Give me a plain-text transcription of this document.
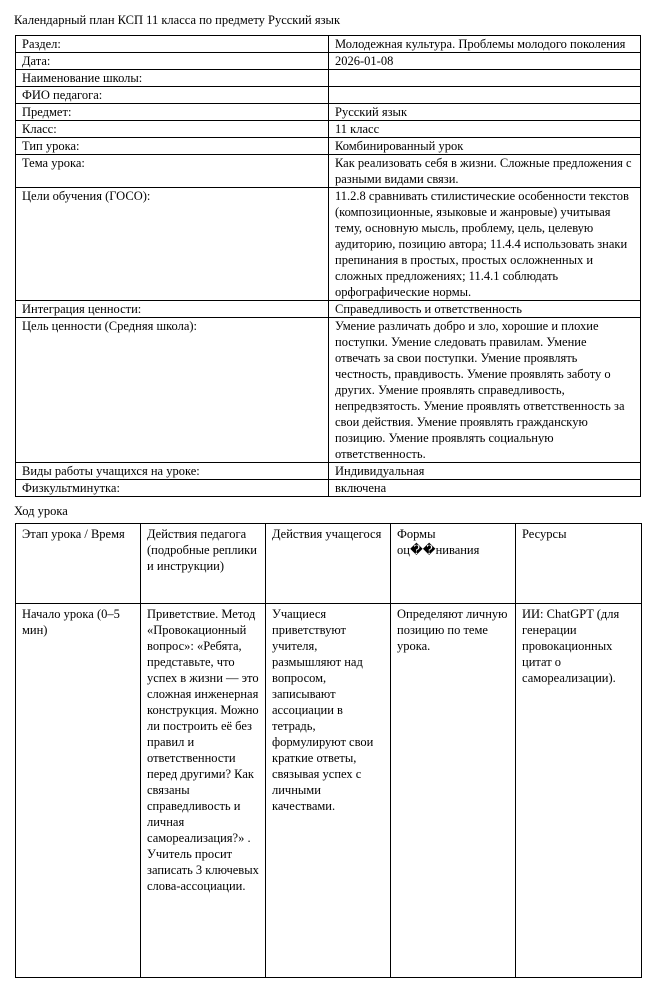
Календарный план КСП 11 класса по предмету Русский язык
Раздел:	Молодежная культура. Проблемы молодого поколения
Дата:	2026-01-08
Наименование школы:	
ФИО педагога:	
Предмет:	Русский язык
Класс:	11 класс
Тип урока:	Комбинированный урок
Тема урока:	Как реализовать себя в жизни. Сложные предложения с разными видами связи.
Цели обучения (ГОСО):	11.2.8 сравнивать стилистические особенности текстов (композиционные, языковые и жанровые) учитывая тему, основную мысль, проблему, цель, целевую аудиторию, позицию автора; 11.4.4 использовать знаки препинания в простых, простых осложненных и сложных предложениях; 11.4.1 соблюдать орфографические нормы.
Интеграция ценности:	Справедливость и ответственность
Цель ценности (Средняя школа):	Умение различать добро и зло, хорошие и плохие поступки. Умение следовать правилам. Умение отвечать за свои поступки. Умение проявлять честность, правдивость. Умение проявлять заботу о других. Умение проявлять справедливость, непредвзятость. Умение проявлять ответственность за свои действия. Умение проявлять гражданскую позицию. Умение проявлять социальную ответственность.
Виды работы учащихся на уроке:	Индивидуальная
Физкультминутка:	включена
Ход урока
Этап урока / Время	Действия педагога (подробные реплики и инструкции)	Действия учащегося	Формы оц��нивания	Ресурсы
Начало урока (0–5 мин)	Приветствие. Метод «Провокационный вопрос»: «Ребята, представьте, что успех в жизни — это сложная инженерная конструкция. Можно ли построить её без правил и ответственности перед другими? Как связаны справедливость и личная самореализация?» . Учитель просит записать 3 ключевых слова-ассоциации.	Учащиеся приветствуют учителя, размышляют над вопросом, записывают ассоциации в тетрадь, формулируют свои краткие ответы, связывая успех с личными качествами.	Определяют личную позицию по теме урока.	ИИ: ChatGPT (для генерации провокационных цитат о самореализации).
